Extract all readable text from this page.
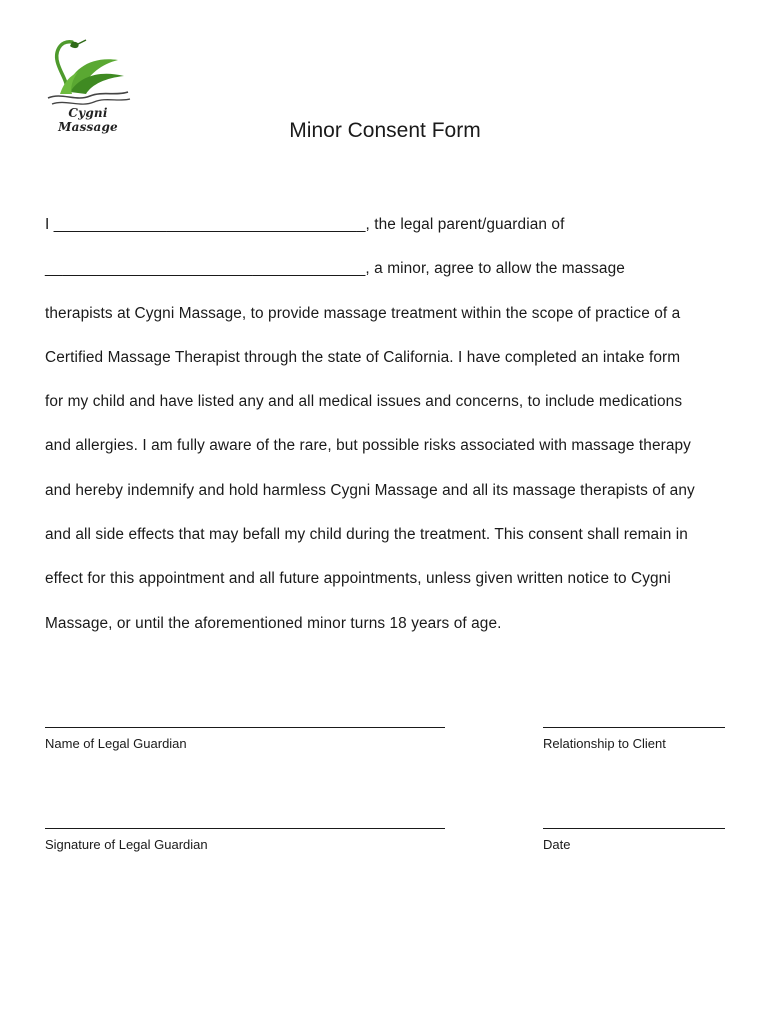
Cygni Massage	Minor Consent Form
I ____________________________________, the legal parent/guardian of
_____________________________________, a minor, agree to allow the massage
therapists at Cygni Massage, to provide massage treatment within the scope of practice of a
Certified Massage Therapist through the state of California. I have completed an intake form
for my child and have listed any and all medical issues and concerns, to include medications
and allergies. I am fully aware of the rare, but possible risks associated with massage therapy
and hereby indemnify and hold harmless Cygni Massage and all its massage therapists of any
and all side effects that may befall my child during the treatment. This consent shall remain in
effect for this appointment and all future appointments, unless given written notice to Cygni
Massage, or until the aforementioned minor turns 18 years of age.
Name of Legal Guardian	Relationship to Client
Signature of Legal Guardian	Date
